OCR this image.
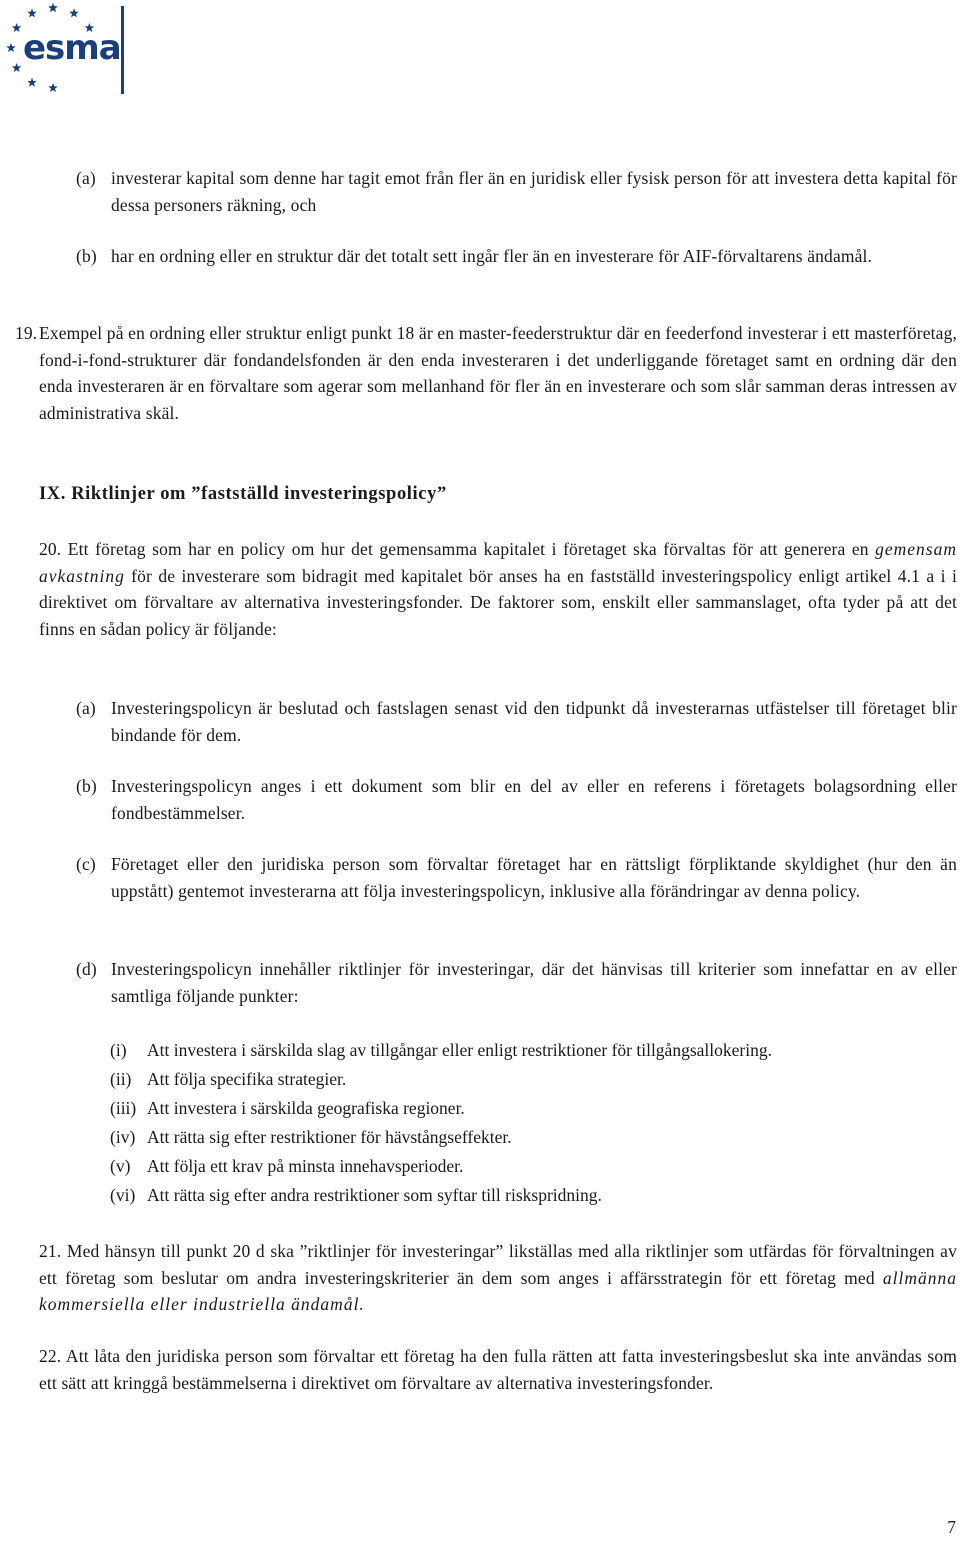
esma
(a) investerar kapital som denne har tagit emot från fler än en juridisk eller fysisk person för att investera detta kapital för dessa personers räkning, och

(b) har en ordning eller en struktur där det totalt sett ingår fler än en investerare för AIF-förvaltarens ändamål.

19. Exempel på en ordning eller struktur enligt punkt 18 är en master-feederstruktur där en feederfond investerar i ett masterföretag, fond-i-fond-strukturer där fondandelsfonden är den enda investeraren i det underliggande företaget samt en ordning där den enda investeraren är en förvaltare som agerar som mellanhand för fler än en investerare och som slår samman deras intressen av administrativa skäl.

IX. Riktlinjer om ”fastställd investeringspolicy”
20. Ett företag som har en policy om hur det gemensamma kapitalet i företaget ska förvaltas för att generera en gemensam avkastning för de investerare som bidragit med kapitalet bör anses ha en fastställd investeringspolicy enligt artikel 4.1 a i i direktivet om förvaltare av alternativa investeringsfonder. De faktorer som, enskilt eller sammanslaget, ofta tyder på att det finns en sådan policy är följande:
(a) Investeringspolicyn är beslutad och fastslagen senast vid den tidpunkt då investerarnas utfästelser till företaget blir bindande för dem.

(b) Investeringspolicyn anges i ett dokument som blir en del av eller en referens i företagets bolagsordning eller fondbestämmelser.

(c) Företaget eller den juridiska person som förvaltar företaget har en rättsligt förpliktande skyldighet (hur den än uppstått) gentemot investerarna att följa investeringspolicyn, inklusive alla förändringar av denna policy.

(d) Investeringspolicyn innehåller riktlinjer för investeringar, där det hänvisas till kriterier som innefattar en av eller samtliga följande punkter:

(i) Att investera i särskilda slag av tillgångar eller enligt restriktioner för tillgångsallokering.
(ii) Att följa specifika strategier.
(iii) Att investera i särskilda geografiska regioner.
(iv) Att rätta sig efter restriktioner för hävstångseffekter.
(v) Att följa ett krav på minsta innehavsperioder.
(vi) Att rätta sig efter andra restriktioner som syftar till riskspridning.
21. Med hänsyn till punkt 20 d ska ”riktlinjer för investeringar” likställas med alla riktlinjer som utfärdas för förvaltningen av ett företag som beslutar om andra investeringskriterier än dem som anges i affärsstrategin för ett företag med allmänna kommersiella eller industriella ändamål.
22. Att låta den juridiska person som förvaltar ett företag ha den fulla rätten att fatta investeringsbeslut ska inte användas som ett sätt att kringgå bestämmelserna i direktivet om förvaltare av alternativa investeringsfonder.
7
